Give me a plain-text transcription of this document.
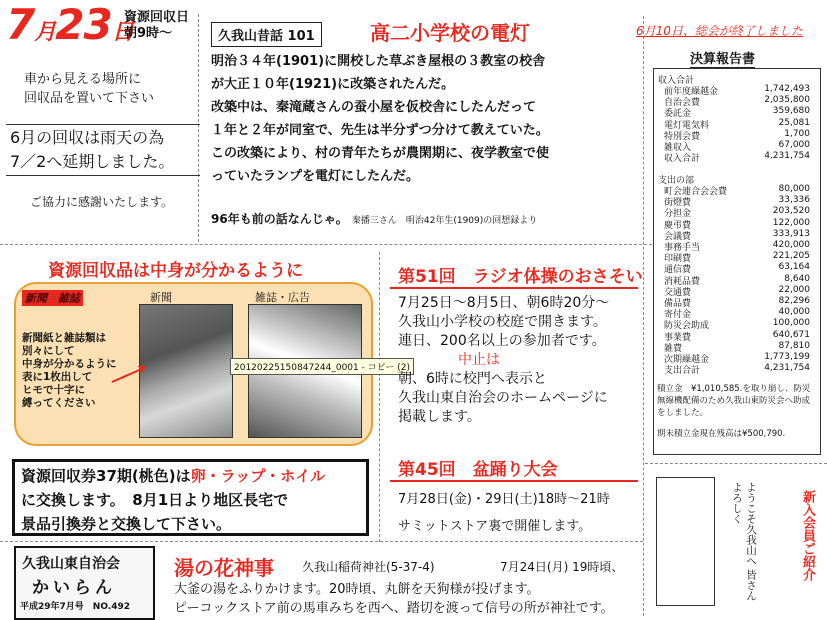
7月23日
資源回収日
朝9時～
車から見える場所に
回収品を置いて下さい
6月の回収は雨天の為
7／2へ延期しました。
ご協力に感謝いたします。
久我山昔話 101	高二小学校の電灯

明治３４年(1901)に開校した草ぶき屋根の３教室の校舎

が大正１０年(1921)に改築されたんだ。

改築中は、秦滝蔵さんの蚕小屋を仮校舎にしたんだって

１年と２年が同室で、先生は半分ずつ分けて教えていた。

この改築により、村の青年たちが農閑期に、夜学教室で使

っていたランプを電灯にしたんだ。

96年も前の話なんじゃ。 秦播三さん　明治42年生(1909)の回想録より
6月10日、総会が終了しました
決算報告書
収入合計
前年度繰越金	1,742,493
自治会費	2,035,800
委託金	359,680
電灯電気料	25,081
特別会費	1,700
雑収入	67,000
収入合計	4,231,754
支出の部
町会連合会会費	80,000
街燈費	33,336
分担金	203,520
慶弔費	122,000
会議費	333,913
事務手当	420,000
印刷費	221,205
通信費	63,164
消耗品費	8,640
交通費	22,000
備品費	82,296
寄付金	40,000
防災会助成	100,000
事業費	640,671
雑費	87,810
次期繰越金	1,773,199
支出合計	4,231,754
積立金　¥1,010,585.を取り崩し、防災無線機配備のため久我山東防災会へ助成をしました。
期末積立金現在残高は¥500,790.
資源回収品は中身が分かるように
新聞・雑誌	新聞	雑誌・広告
新聞紙と雑誌類は
別々にして
中身が分かるように
表に1枚出して
ヒモで十字に
縛ってください
20120225150847244_0001 - コピー (2)
資源回収券37期(桃色)は卵・ラップ・ホイル
に交換します。　8月1日より地区長宅で
景品引換券と交換して下さい。
久我山東自治会
かいらん
平成29年7月号　NO.492
湯の花神事 久我山稲荷神社(5-37-4)	7月24日(月) 19時頃、
大釜の湯をふりかけます。20時頃、丸餅を天狗様が投げます。
ピーコックストア前の馬車みちを西へ、踏切を渡って信号の所が神社です。
第51回　ラジオ体操のおさそい
7月25日～8月5日、朝6時20分～
久我山小学校の校庭で開きます。
連日、200名以上の参加者です。
中止は
朝、6時に校門へ表示と
久我山東自治会のホームページに
掲載します。
第45回　盆踊り大会
7月28日(金)・29日(土)18時～21時
サミットストア裏で開催します。	ようこそ久我山へ 皆さんよろしく	新入会員ご紹介
